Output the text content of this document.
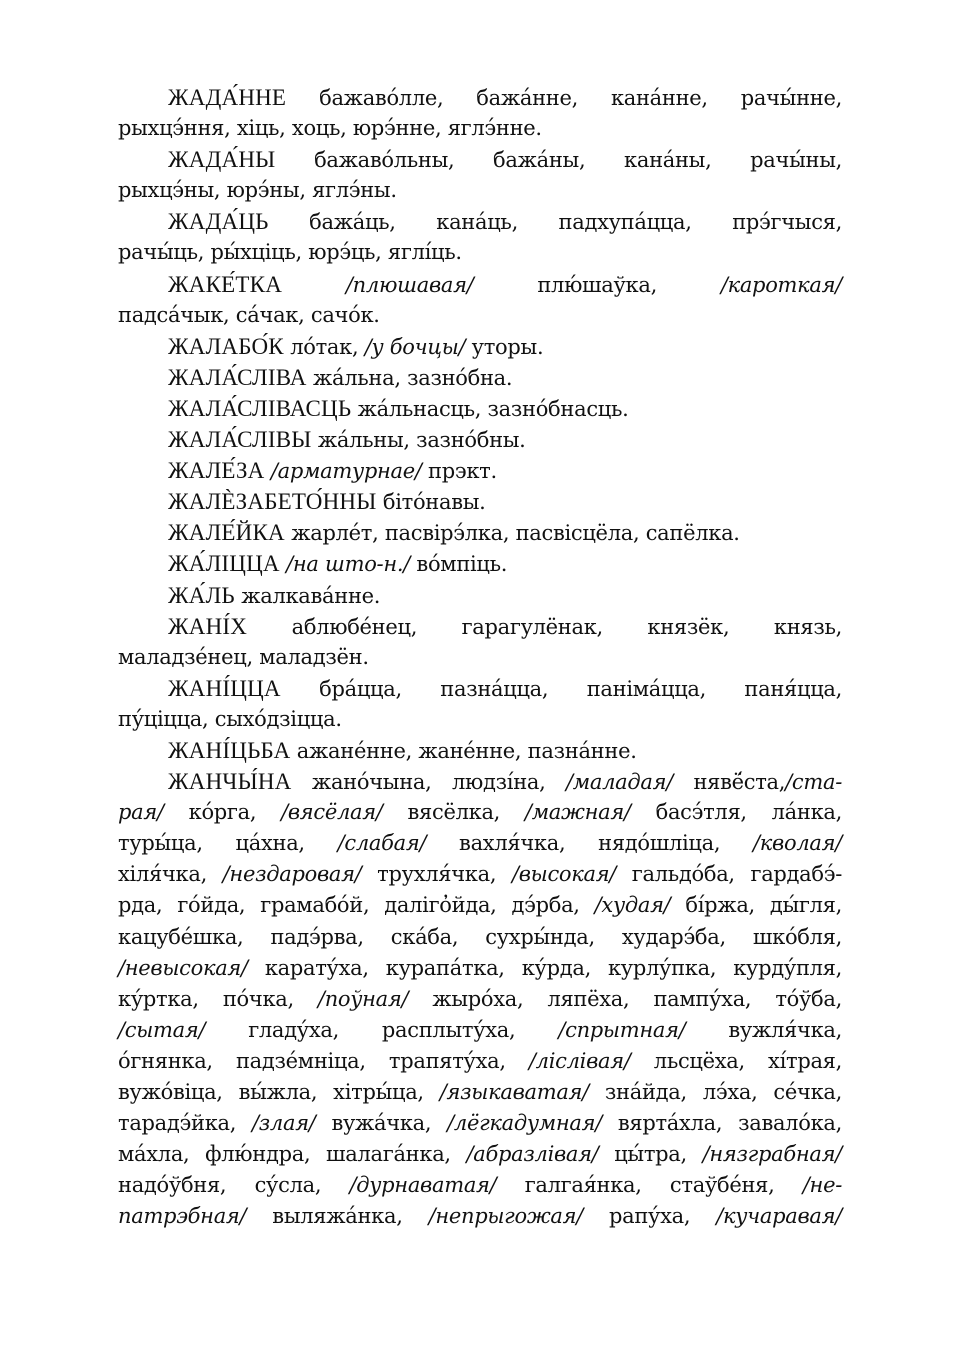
ЖАДА́ННЕ бажаво́лле, бажа́нне, кана́нне, рачы́нне,
рыхцэ́ння, хіць, хоць, юрэ́нне, яглэ́нне.
ЖАДА́НЫ бажаво́льны, бажа́ны, кана́ны, рачы́ны,
рыхцэ́ны, юрэ́ны, яглэ́ны.
ЖАДА́ЦЬ бажа́ць, кана́ць, падхупа́цца, прэ́гчыся,
рачы́ць, ры́хціць, юрэ́ць, яглі́ць.
ЖАКЕ́ТКА	/плюшавая/ плю́шаўка, /кароткая/
падса́чык, са́чак, сачо́к.
ЖАЛАБО́К ло́так, /у бочцы/ уторы.
ЖАЛА́СЛІВА жа́льна, зазно́бна.
ЖАЛА́СЛІВАСЦЬ жа́льнасць, зазно́бнасць.
ЖАЛА́СЛІВЫ жа́льны, зазно́бны.
ЖАЛЕ́ЗА /арматурнае/ прэкт.
ЖАЛЀЗАБЕТО́ННЫ біто́навы.
ЖАЛЕ́ЙКА жарле́т, пасвірэ́лка, пасвісцёла, сапёлка.
ЖА́ЛІЦЦА /на што-н./ во́мпіць.
ЖА́ЛЬ жалкава́нне.
ЖАНІ́Х аблюбе́нец, гарагулёнак, князёк, князь,
маладзе́нец, маладзён.
ЖАНІ́ЦЦА бра́цца, пазна́цца, паніма́цца, паня́цца,
пу́ціцца, сыхо́дзіцца.
ЖАНІ́ЦЬБА ажане́нне, жане́нне, пазна́нне.
ЖАНЧЫ́НА жано́чына, людзі́на, /маладая/ нявё́ста,/ста-
рая/ ко́рга, /вясёлая/ вясёлка, /мажная/ басэ́тля, ла́нка,
туры́ца, ца́хна, /слабая/ вахля́чка, нядо́шліца, /кволая/
хіля́чка, /нездаровая/ трухля́чка, /высокая/ гальдо́ба, гардабэ́-
рда, го́йда, грамабо́й, далігo̓йда, дэ́рба, /худая/ бі́ржа, ды́гля,
кацубе́шка, падэ́рва, ска́ба, сухры́нда, хударэ́ба, шко́бля,
/невысокая/ карату́ха, курапа́тка, ку́рда, курлу́пка, курду́пля,
ку́ртка, по́чка, /поўная/ жыро́ха, ляпёха, пампу́ха, то́ўба,
/сытая/ гладу́ха, расплыту́ха, /спрытная/ вужля́чка,
о́гнянка, падзе́мніца, трапяту́ха, /ліслівая/ льсцёха, хі́трая,
вужо́віца, вы́жла, хітры́ца, /языкаватая/ зна́йда, лэ́ха, се́чка,
тарадэ́йка, /злая/ вужа́чка, /лёгкадумная/ вярта́хла, завало́ка,
ма́хла, флю́ндра, шалага́нка, /абразлівая/ цы́тра, /нязграбная/
надо́ўбня, су́сла, /дурнаватая/ галгая́нка, стаўбе́ня, /не-
патрэбная/ выляжа́нка, /непрыгожая/ рапу́ха, /кучаравая/
